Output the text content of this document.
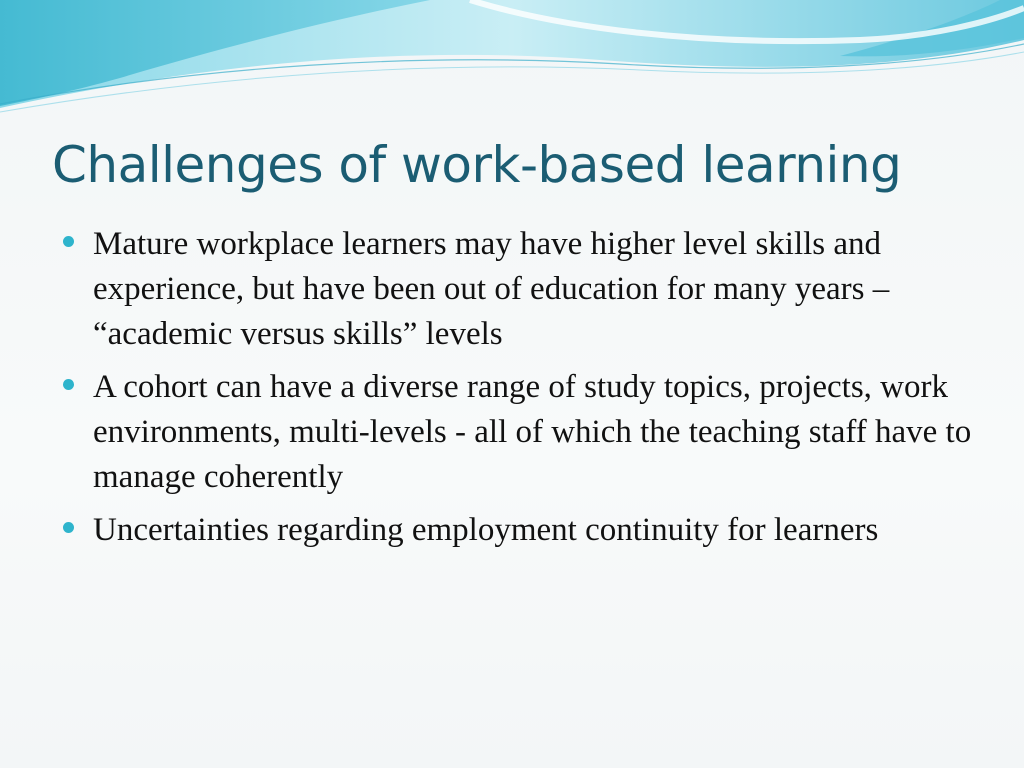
Challenges of work-based learning
Mature workplace learners may have higher level skills and experience, but have been out of education for many years – “academic versus skills” levels
A cohort can have a diverse range of study topics, projects, work environments, multi-levels - all of which the teaching staff have to manage coherently
Uncertainties regarding employment continuity for learners
